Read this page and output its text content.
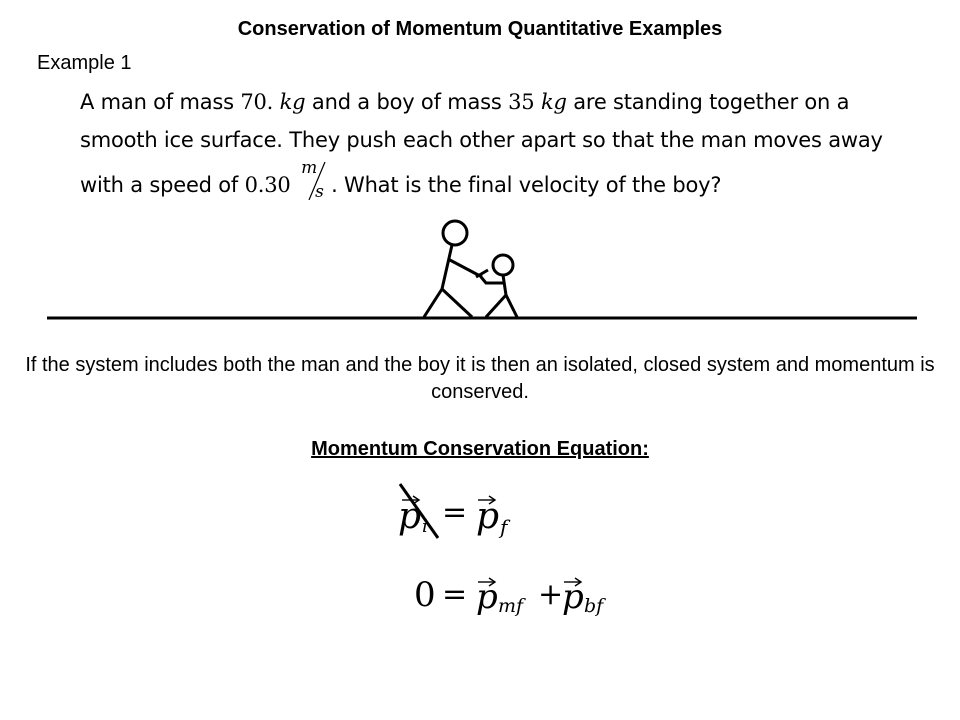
Conservation of Momentum Quantitative Examples
Example 1
A man of mass 70. kg and a boy of mass 35 kg are standing together on a
smooth ice surface. They push each other apart so that the man moves away
with a speed of 0.30
m
s . What is the final velocity of the boy?
If the system includes both the man and the boy it is then an isolated, closed system and momentum is conserved.
Momentum Conservation Equation:
p i = p f
0 = p mf +
p bf
